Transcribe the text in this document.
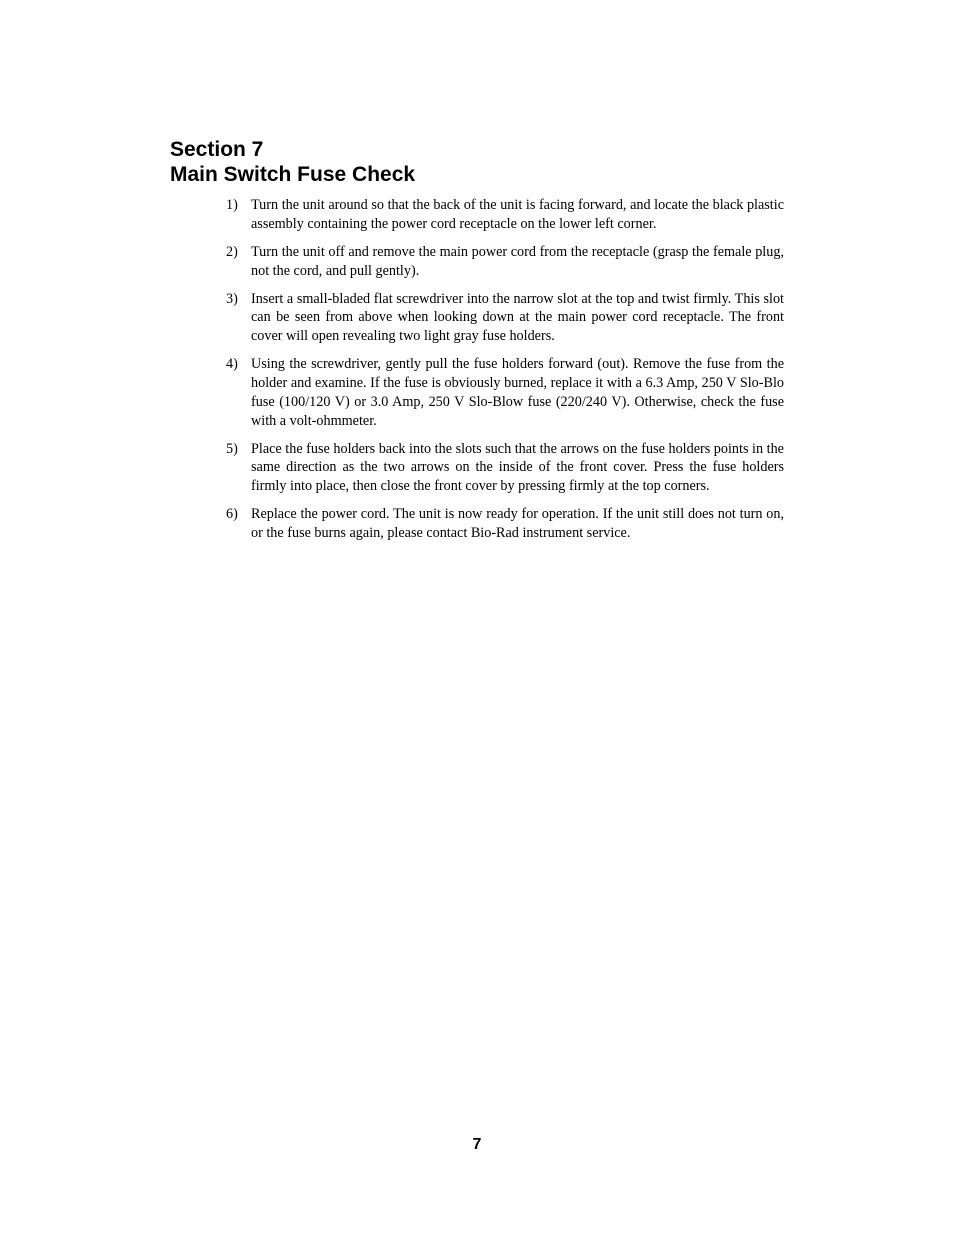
Section 7
Main Switch Fuse Check
1) Turn the unit around so that the back of the unit is facing forward, and locate the black plastic assembly containing the power cord receptacle on the lower left corner.
2) Turn the unit off and remove the main power cord from the receptacle (grasp the female plug, not the cord, and pull gently).
3) Insert a small-bladed flat screwdriver into the narrow slot at the top and twist firmly. This slot can be seen from above when looking down at the main power cord receptacle. The front cover will open revealing two light gray fuse holders.
4) Using the screwdriver, gently pull the fuse holders forward (out). Remove the fuse from the holder and examine. If the fuse is obviously burned, replace it with a 6.3 Amp, 250 V Slo-Blo fuse (100/120 V) or 3.0 Amp, 250 V Slo-Blow fuse (220/240 V). Otherwise, check the fuse with a volt-ohmmeter.
5) Place the fuse holders back into the slots such that the arrows on the fuse holders points in the same direction as the two arrows on the inside of the front cover. Press the fuse holders firmly into place, then close the front cover by pressing firmly at the top corners.
6) Replace the power cord. The unit is now ready for operation. If the unit still does not turn on, or the fuse burns again, please contact Bio-Rad instrument service.
7
